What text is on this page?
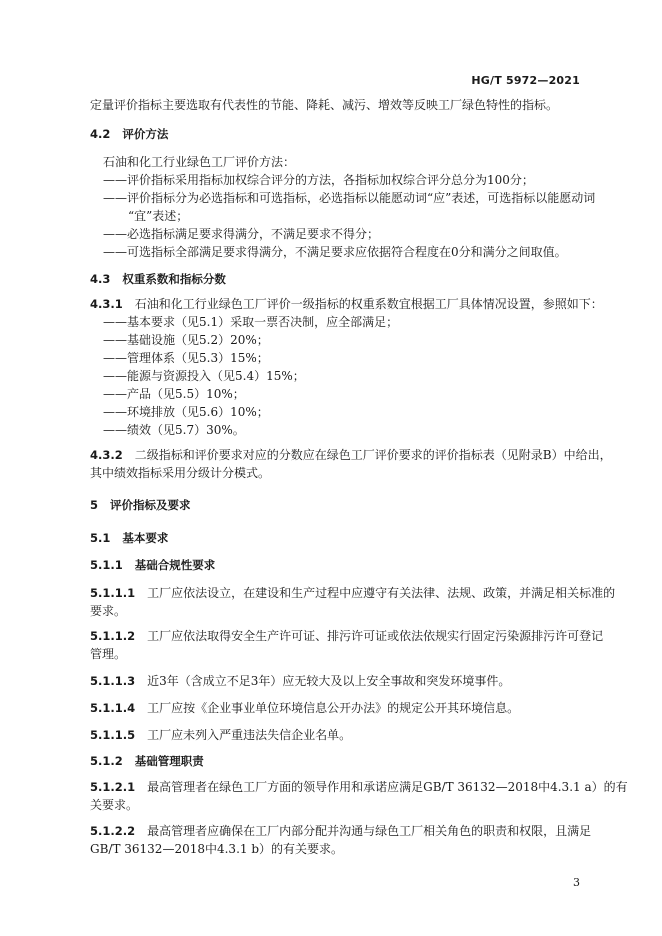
HG/T 5972—2021
定量评价指标主要选取有代表性的节能、降耗、减污、增效等反映工厂绿色特性的指标。
4.2 评价方法
石油和化工行业绿色工厂评价方法：
——评价指标采用指标加权综合评分的方法，各指标加权综合评分总分为100分；
——评价指标分为必选指标和可选指标，必选指标以能愿动词“应”表述，可选指标以能愿动词
“宜”表述；
——必选指标满足要求得满分，不满足要求不得分；
——可选指标全部满足要求得满分，不满足要求应依据符合程度在0分和满分之间取值。
4.3 权重系数和指标分数
4.3.1 石油和化工行业绿色工厂评价一级指标的权重系数宜根据工厂具体情况设置，参照如下：
——基本要求（见5.1）采取一票否决制，应全部满足；
——基础设施（见5.2）20%；
——管理体系（见5.3）15%；
——能源与资源投入（见5.4）15%；
——产品（见5.5）10%；
——环境排放（见5.6）10%；
——绩效（见5.7）30%。
4.3.2 二级指标和评价要求对应的分数应在绿色工厂评价要求的评价指标表（见附录B）中给出，
其中绩效指标采用分级计分模式。
5 评价指标及要求
5.1 基本要求
5.1.1 基础合规性要求
5.1.1.1 工厂应依法设立，在建设和生产过程中应遵守有关法律、法规、政策，并满足相关标准的
要求。
5.1.1.2 工厂应依法取得安全生产许可证、排污许可证或依法依规实行固定污染源排污许可登记
管理。
5.1.1.3 近3年（含成立不足3年）应无较大及以上安全事故和突发环境事件。
5.1.1.4 工厂应按《企业事业单位环境信息公开办法》的规定公开其环境信息。
5.1.1.5 工厂应未列入严重违法失信企业名单。
5.1.2 基础管理职责
5.1.2.1 最高管理者在绿色工厂方面的领导作用和承诺应满足GB/T 36132—2018中4.3.1 a）的有
关要求。
5.1.2.2 最高管理者应确保在工厂内部分配并沟通与绿色工厂相关角色的职责和权限，且满足
GB/T 36132—2018中4.3.1 b）的有关要求。
3
